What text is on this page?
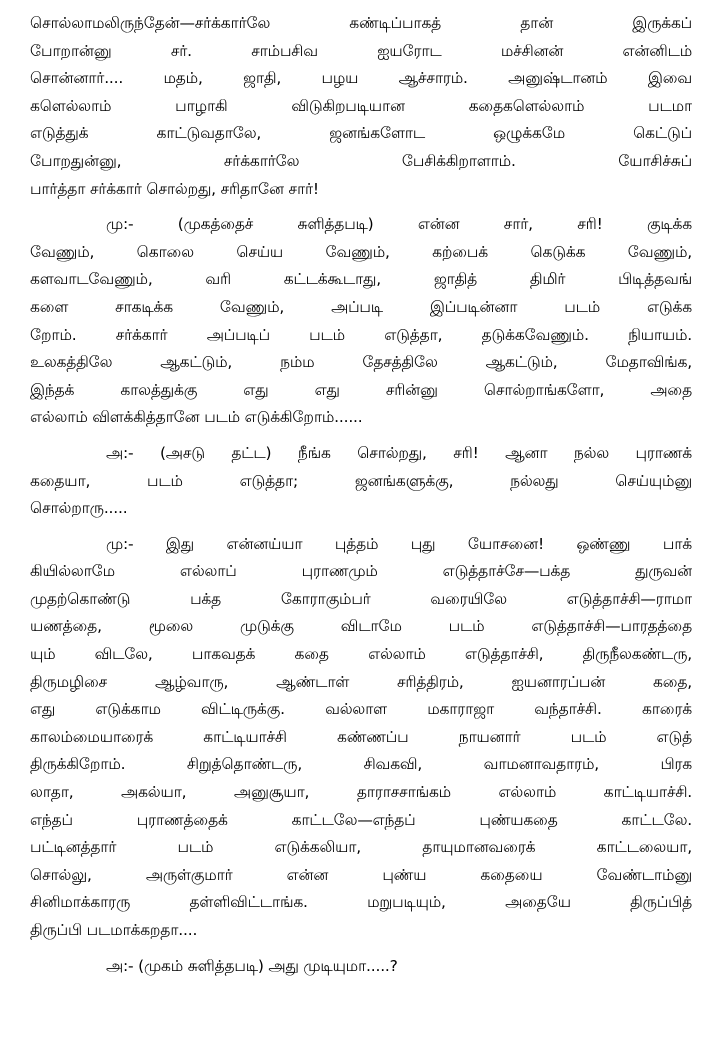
சொல்லாமலிருந்தேன்—சர்க்கார்லே கண்டிப்பாகத் தான் இருக்கப்
போறான்னு சர். சாம்பசிவ ஐயரோட மச்சினன் என்னிடம்
சொன்னார்.... மதம், ஜாதி, பழய ஆச்சாரம். அனுஷ்டானம் இவை
களெல்லாம் பாழாகி விடுகிறபடியான கதைகளெல்லாம் படமா
எடுத்துக் காட்டுவதாலே, ஜனங்களோட ஒழுக்கமே கெட்டுப்
போறதுன்னு, சர்க்கார்லே பேசிக்கிறாளாம். யோசிச்சுப்
பார்த்தா சர்க்கார் சொல்றது, சரிதானே சார்!
மு:- (முகத்தைச் சுளித்தபடி) என்ன சார், சரி! குடிக்க
வேணும், கொலை செய்ய வேணும், கற்பைக் கெடுக்க வேணும்,
களவாடவேணும், வரி கட்டக்கூடாது, ஜாதித் திமிர் பிடித்தவங்
களை சாகடிக்க வேணும், அப்படி இப்படின்னா படம் எடுக்க
றோம். சர்க்கார் அப்படிப் படம் எடுத்தா, தடுக்கவேணும். நியாயம்.
உலகத்திலே ஆகட்டும், நம்ம தேசத்திலே ஆகட்டும், மேதாவிங்க,
இந்தக் காலத்துக்கு எது எது சரின்னு சொல்றாங்களோ, அதை
எல்லாம் விளக்கித்தானே படம் எடுக்கிறோம்......
அ:- (அசடு தட்ட) நீங்க சொல்றது, சரி! ஆனா நல்ல புராணக்
கதையா, படம் எடுத்தா; ஜனங்களுக்கு, நல்லது செய்யும்னு
சொல்றாரு.....
மு:- இது என்னய்யா புத்தம் புது யோசனை! ஒண்ணு பாக்
கியில்லாமே எல்லாப் புராணமும் எடுத்தாச்சே—பக்த துருவன்
முதற்கொண்டு பக்த கோராகும்பர் வரையிலே எடுத்தாச்சி—ராமா
யணத்தை, மூலை முடுக்கு விடாமே படம் எடுத்தாச்சி—பாரதத்தை
யும் விடலே, பாகவதக் கதை எல்லாம் எடுத்தாச்சி, திருநீலகண்டரு,
திருமழிசை ஆழ்வாரு, ஆண்டாள் சரித்திரம், ஐயனாரப்பன் கதை,
எது எடுக்காம விட்டிருக்கு. வல்லாள மகாராஜா வந்தாச்சி. காரைக்
காலம்மையாரைக் காட்டியாச்சி கண்ணப்ப நாயனார் படம் எடுத்
திருக்கிறோம். சிறுத்தொண்டரு, சிவகவி, வாமனாவதாரம், பிரக
லாதா, அகல்யா, அனுசூயா, தாராசசாங்கம் எல்லாம் காட்டியாச்சி.
எந்தப் புராணத்தைக் காட்டலே—எந்தப் புண்யகதை காட்டலே.
பட்டினத்தார் படம் எடுக்கலியா, தாயுமானவரைக் காட்டலையா,
சொல்லு, அருள்குமார் என்ன புண்ய கதையை வேண்டாம்னு
சினிமாக்காரரு தள்ளிவிட்டாங்க. மறுபடியும், அதையே திருப்பித்
திருப்பி படமாக்கறதா....
அ:- (முகம் சுளித்தபடி) அது முடியுமா.....?
